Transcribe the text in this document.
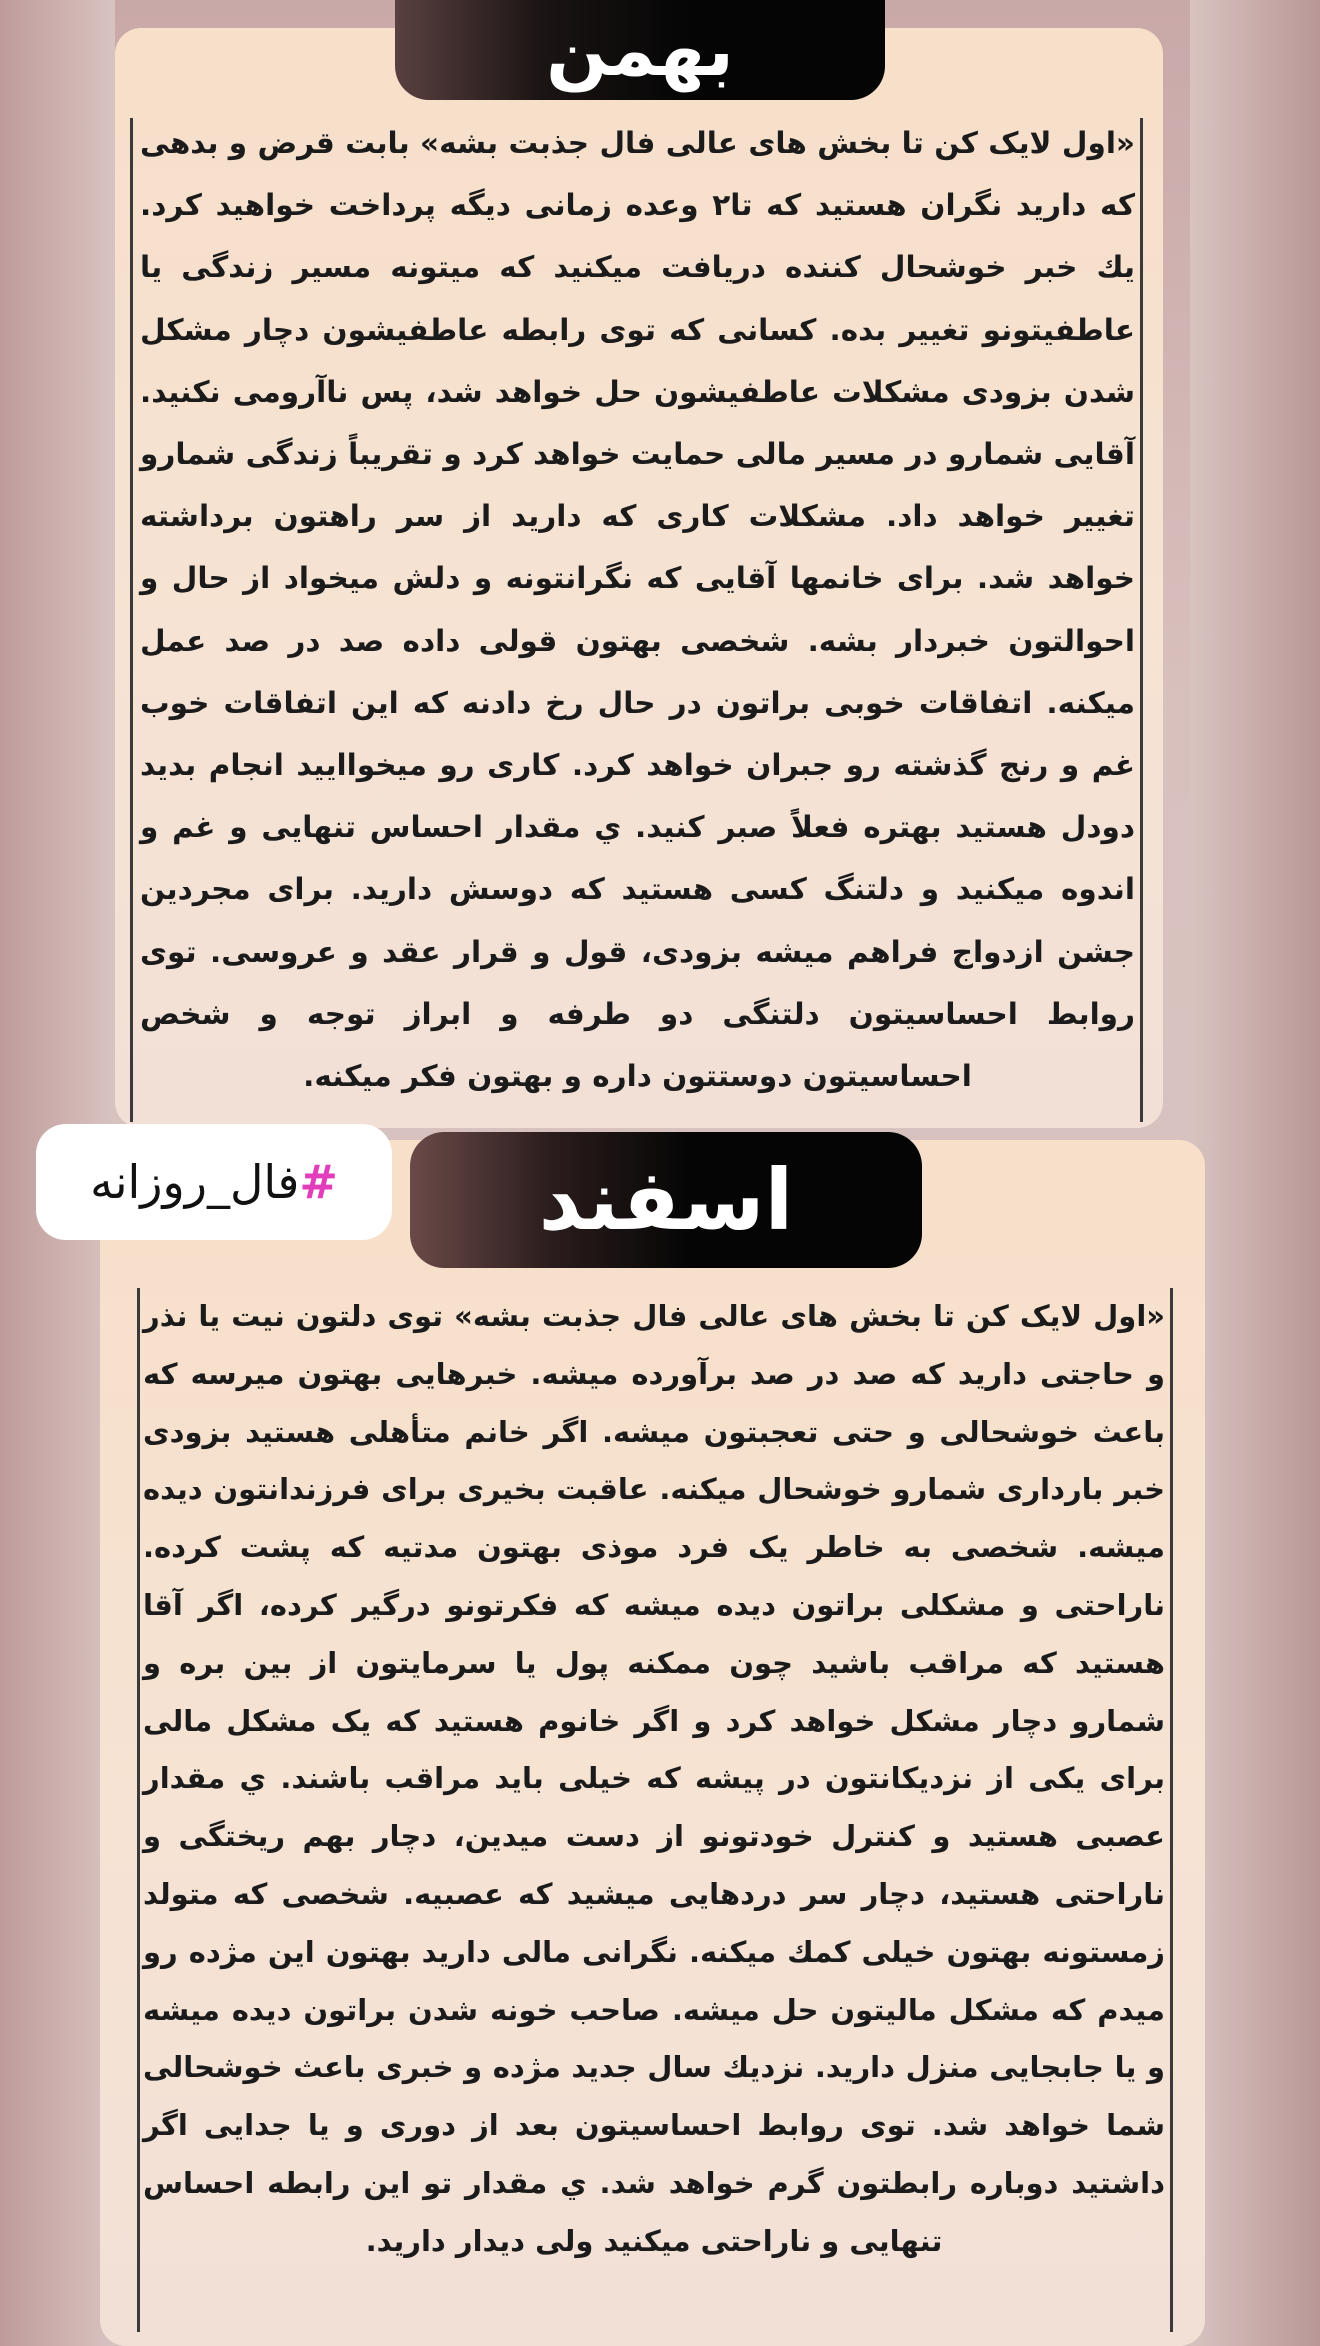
بهمن
«اول لایک کن تا بخش های عالی فال جذبت بشه» بابت قرض و بدهی که دارید نگران هستید که تا۲ وعده زمانی دیگه پرداخت خواهید کرد. یك خبر خوشحال کننده دریافت میکنید که میتونه مسیر زندگی یا عاطفیتونو تغییر بده. کسانی که توی رابطه عاطفیشون دچار مشکل شدن بزودی مشکلات عاطفیشون حل خواهد شد، پس ناآرومی نکنید. آقایی شمارو در مسیر مالی حمایت خواهد کرد و تقریباً زندگی شمارو تغییر خواهد داد. مشکلات کاری که دارید از سر راهتون برداشته خواهد شد. برای خانمها آقایی که نگرانتونه و دلش میخواد از حال و احوالتون خبردار بشه. شخصی بهتون قولی داده صد در صد عمل میکنه. اتفاقات خوبی براتون در حال رخ دادنه که این اتفاقات خوب غم و رنج گذشته رو جبران خواهد کرد. کاری رو میخواایید انجام بدید دودل هستید بهتره فعلاً صبر کنید. ي مقدار احساس تنهایی و غم و اندوه میکنید و دلتنگ کسی هستید که دوسش دارید. برای مجردین جشن ازدواج فراهم میشه بزودی، قول و قرار عقد و عروسی. توی روابط احساسیتون دلتنگی دو طرفه و ابراز توجه و شخص احساسیتون دوستتون داره و بهتون فکر میکنه.
اسفند
«اول لایک کن تا بخش های عالی فال جذبت بشه» توی دلتون نیت یا نذر و حاجتی دارید که صد در صد برآورده میشه. خبرهایی بهتون میرسه که باعث خوشحالی و حتی تعجبتون میشه. اگر خانم متأهلی هستید بزودی خبر بارداری شمارو خوشحال میکنه. عاقبت بخیری برای فرزندانتون دیده میشه. شخصی به خاطر یک فرد موذی بهتون مدتیه که پشت کرده. ناراحتی و مشکلی براتون دیده میشه که فکرتونو درگیر کرده، اگر آقا هستید که مراقب باشید چون ممکنه پول یا سرمایتون از بین بره و شمارو دچار مشکل خواهد کرد و اگر خانوم هستید که یک مشکل مالی برای یکی از نزدیکانتون در پیشه که خیلی باید مراقب باشند. ي مقدار عصبی هستید و کنترل خودتونو از دست میدین، دچار بهم ریختگی و ناراحتی هستید، دچار سر دردهایی میشید که عصبیه. شخصی که متولد زمستونه بهتون خیلی کمك میکنه. نگرانی مالی دارید بهتون این مژده رو میدم که مشکل مالیتون حل میشه. صاحب خونه شدن براتون دیده میشه و یا جابجایی منزل دارید. نزدیك سال جدید مژده و خبری باعث خوشحالی شما خواهد شد. توی روابط احساسیتون بعد از دوری و یا جدایی اگر داشتید دوباره رابطتون گرم خواهد شد. ي مقدار تو این رابطه احساس تنهایی و ناراحتی میکنید ولی دیدار دارید.
#
فال_روزانه
